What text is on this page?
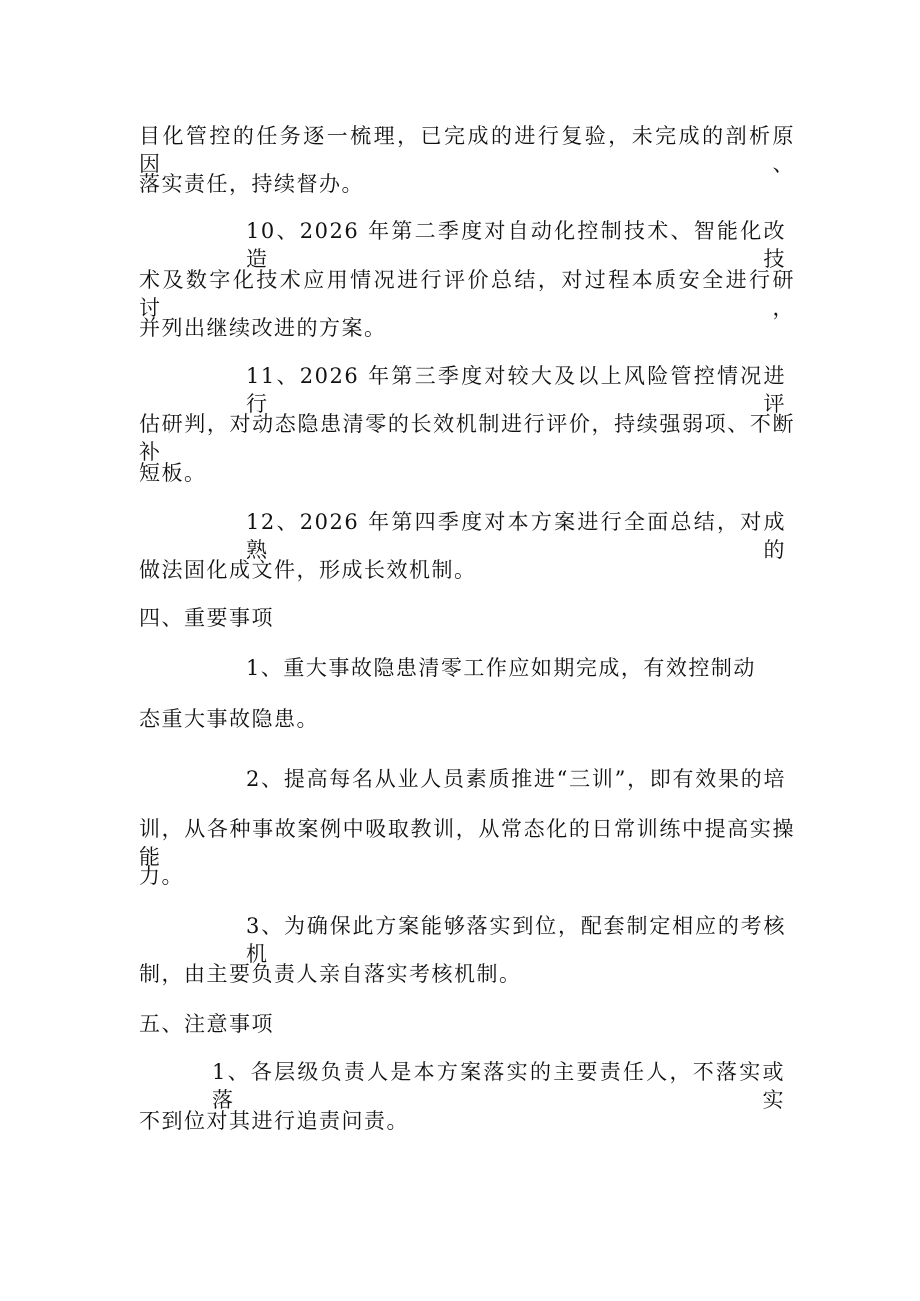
目化管控的任务逐一梳理，已完成的进行复验，未完成的剖析原因、
落实责任，持续督办。
10、2026 年第二季度对自动化控制技术、智能化改造技
术及数字化技术应用情况进行评价总结，对过程本质安全进行研讨，
并列出继续改进的方案。
11、2026 年第三季度对较大及以上风险管控情况进行评
估研判，对动态隐患清零的长效机制进行评价，持续强弱项、不断补
短板。
12、2026 年第四季度对本方案进行全面总结，对成熟的
做法固化成文件，形成长效机制。
四、重要事项
1、重大事故隐患清零工作应如期完成，有效控制动
态重大事故隐患。
2、提高每名从业人员素质推进“三训”，即有效果的培
训，从各种事故案例中吸取教训，从常态化的日常训练中提高实操能
力。
3、为确保此方案能够落实到位，配套制定相应的考核机
制，由主要负责人亲自落实考核机制。
五、注意事项
1、各层级负责人是本方案落实的主要责任人，不落实或落实
不到位对其进行追责问责。
